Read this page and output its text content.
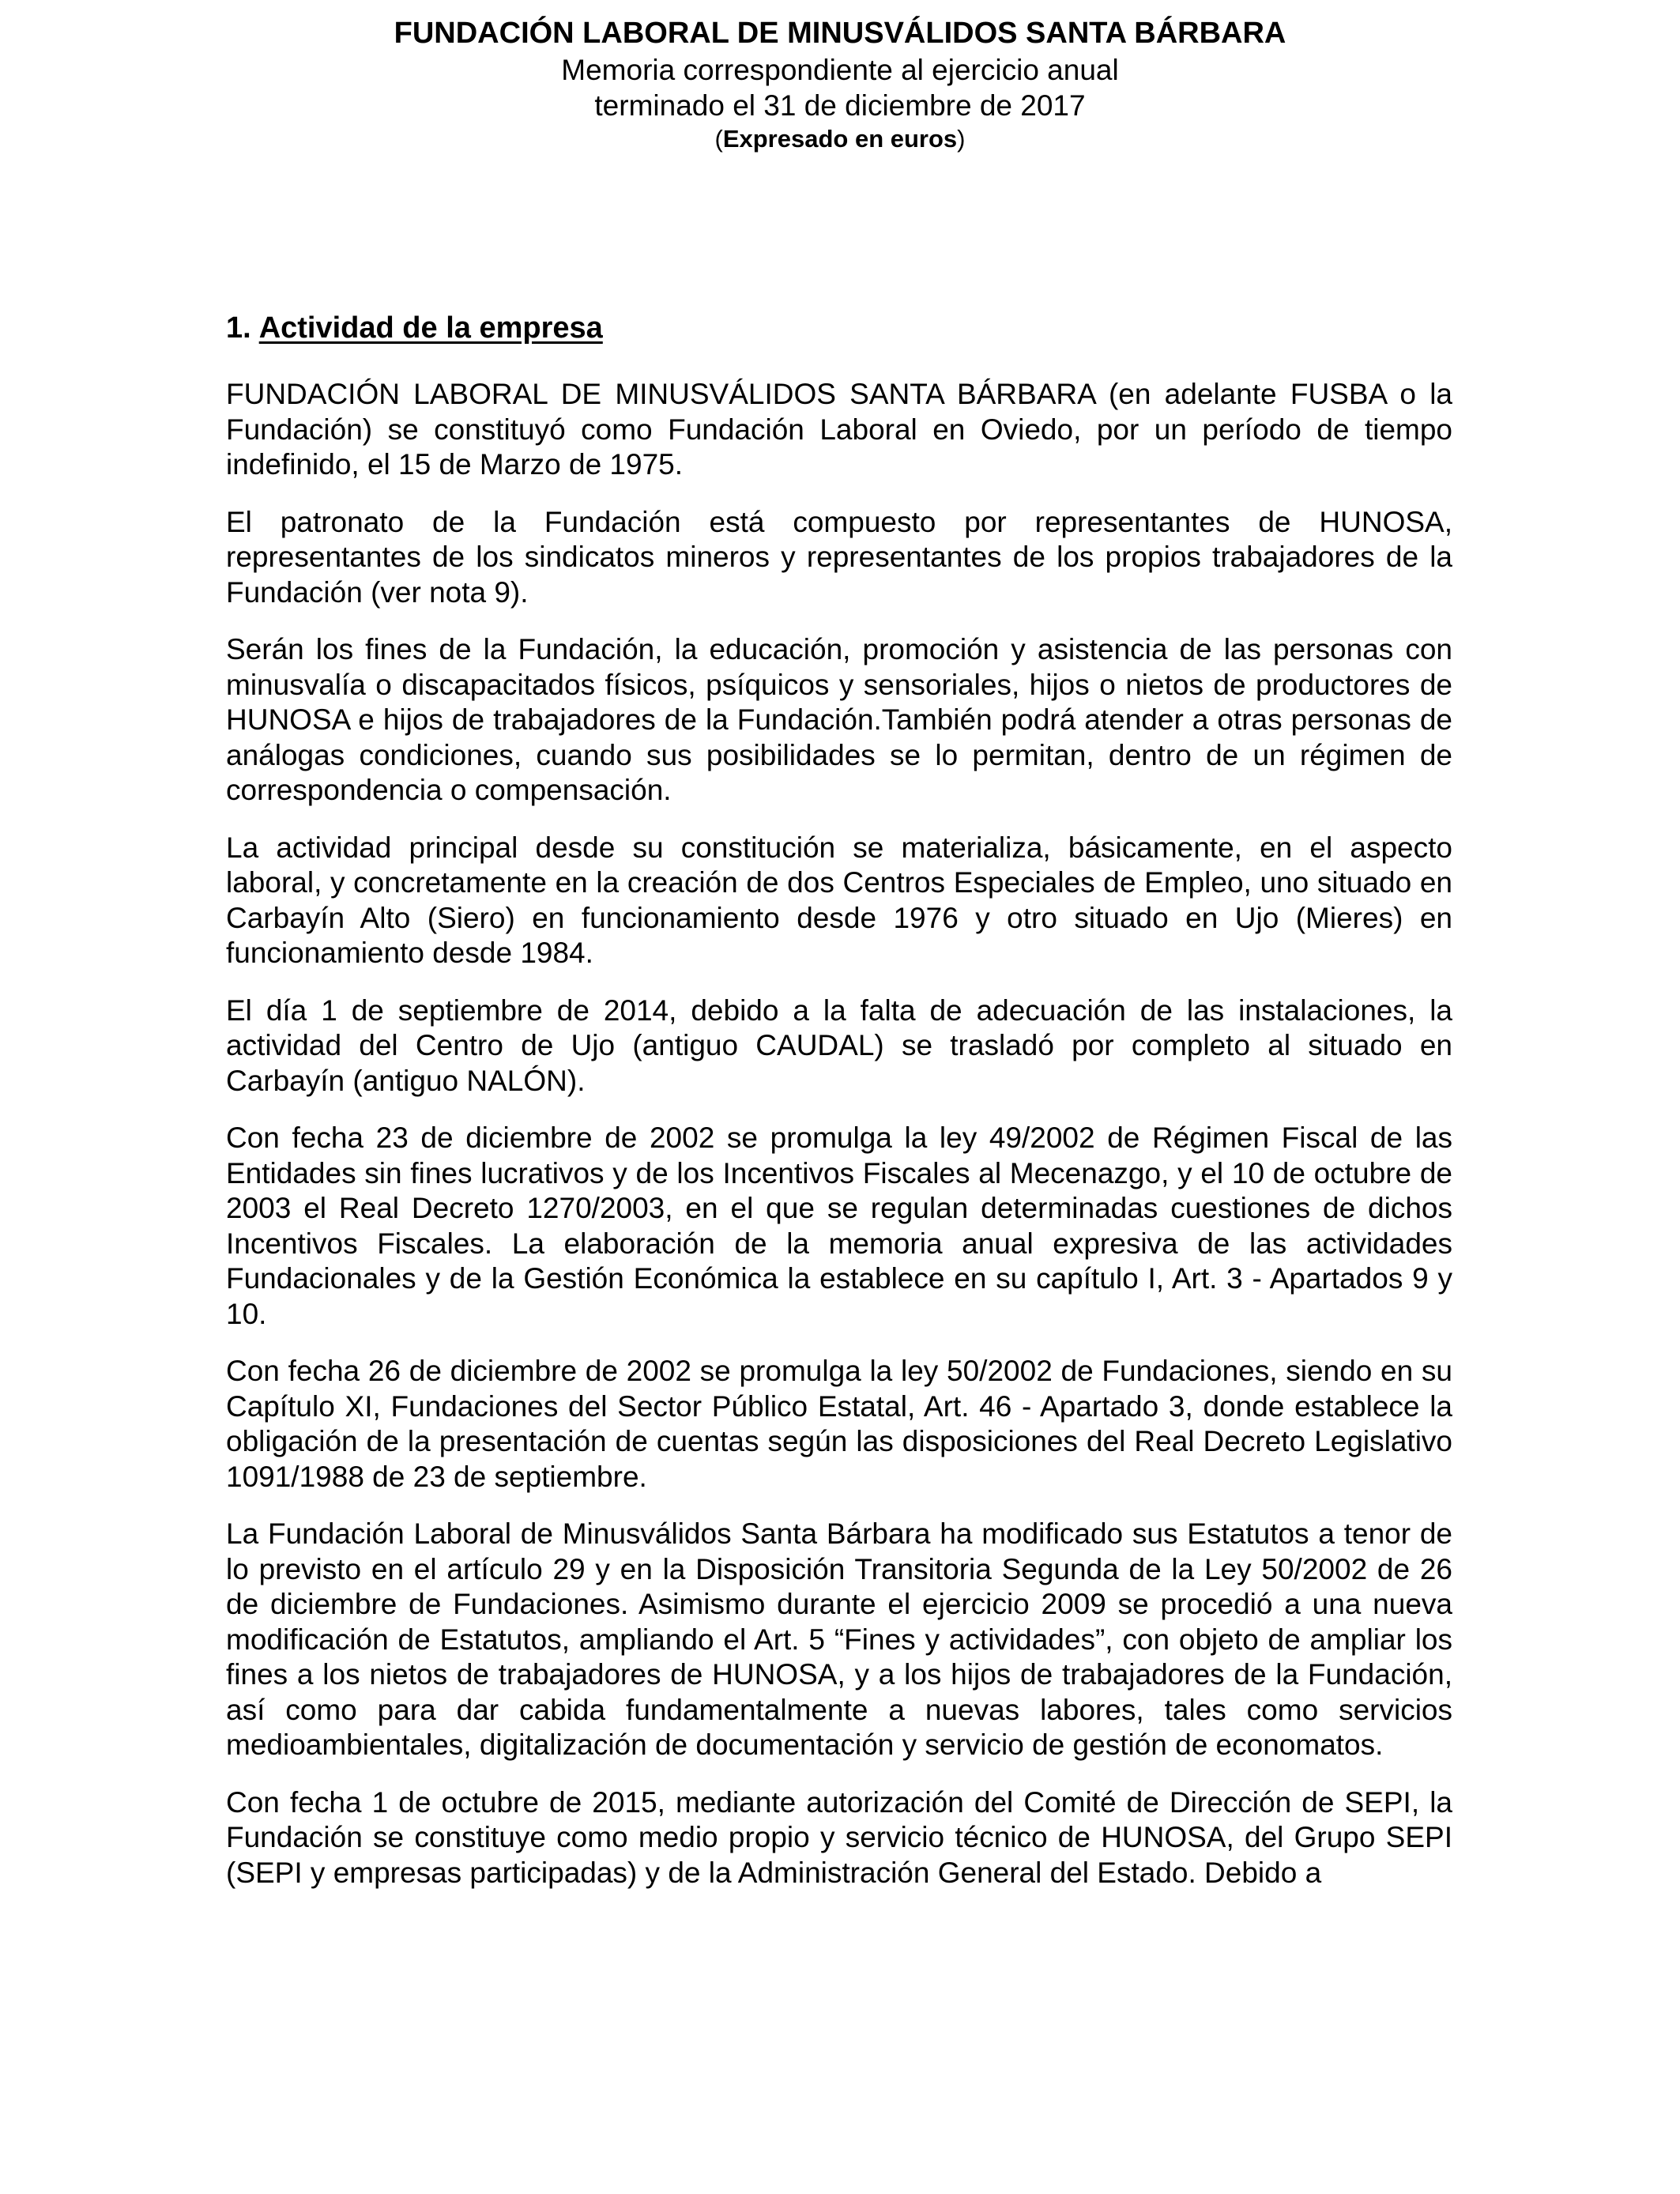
FUNDACIÓN LABORAL DE MINUSVÁLIDOS SANTA BÁRBARA
Memoria correspondiente al ejercicio anual
terminado el 31 de diciembre de 2017
(Expresado en euros)
1. Actividad de la empresa

FUNDACIÓN LABORAL DE MINUSVÁLIDOS SANTA BÁRBARA (en adelante FUSBA o la Fundación) se constituyó como Fundación Laboral en Oviedo, por un período de tiempo indefinido, el 15 de Marzo de 1975.

El patronato de la Fundación está compuesto por representantes de HUNOSA, representantes de los sindicatos mineros y representantes de los propios trabajadores de la Fundación (ver nota 9).

Serán los fines de la Fundación, la educación, promoción y asistencia de las personas con minusvalía o discapacitados físicos, psíquicos y sensoriales, hijos o nietos de productores de HUNOSA e hijos de trabajadores de la Fundación.También podrá atender a otras personas de análogas condiciones, cuando sus posibilidades se lo permitan, dentro de un régimen de correspondencia o compensación.

La actividad principal desde su constitución se materializa, básicamente, en el aspecto laboral, y concretamente en la creación de dos Centros Especiales de Empleo, uno situado en Carbayín Alto (Siero) en funcionamiento desde 1976 y otro situado en Ujo (Mieres) en funcionamiento desde 1984.

El día 1 de septiembre de 2014, debido a la falta de adecuación de las instalaciones, la actividad del Centro de Ujo (antiguo CAUDAL) se trasladó por completo al situado en Carbayín (antiguo NALÓN).

Con fecha 23 de diciembre de 2002 se promulga la ley 49/2002 de Régimen Fiscal de las Entidades sin fines lucrativos y de los Incentivos Fiscales al Mecenazgo, y el 10 de octubre de 2003 el Real Decreto 1270/2003, en el que se regulan determinadas cuestiones de dichos Incentivos Fiscales. La elaboración de la memoria anual expresiva de las actividades Fundacionales y de la Gestión Económica la establece en su capítulo I, Art. 3 - Apartados 9 y 10.

Con fecha 26 de diciembre de 2002 se promulga la ley 50/2002 de Fundaciones, siendo en su Capítulo XI, Fundaciones del Sector Público Estatal, Art. 46 - Apartado 3, donde establece la obligación de la presentación de cuentas según las disposiciones del Real Decreto Legislativo 1091/1988 de 23 de septiembre.

La Fundación Laboral de Minusválidos Santa Bárbara ha modificado sus Estatutos a tenor de lo previsto en el artículo 29 y en la Disposición Transitoria Segunda de la Ley 50/2002 de 26 de diciembre de Fundaciones. Asimismo durante el ejercicio 2009 se procedió a una nueva modificación de Estatutos, ampliando el Art. 5 “Fines y actividades”, con objeto de ampliar los fines a los nietos de trabajadores de HUNOSA, y a los hijos de trabajadores de la Fundación, así como para dar cabida fundamentalmente a nuevas labores, tales como servicios medioambientales, digitalización de documentación y servicio de gestión de economatos.

Con fecha 1 de octubre de 2015, mediante autorización del Comité de Dirección de SEPI, la Fundación se constituye como medio propio y servicio técnico de HUNOSA, del Grupo SEPI (SEPI y empresas participadas) y de la Administración General del Estado. Debido a
